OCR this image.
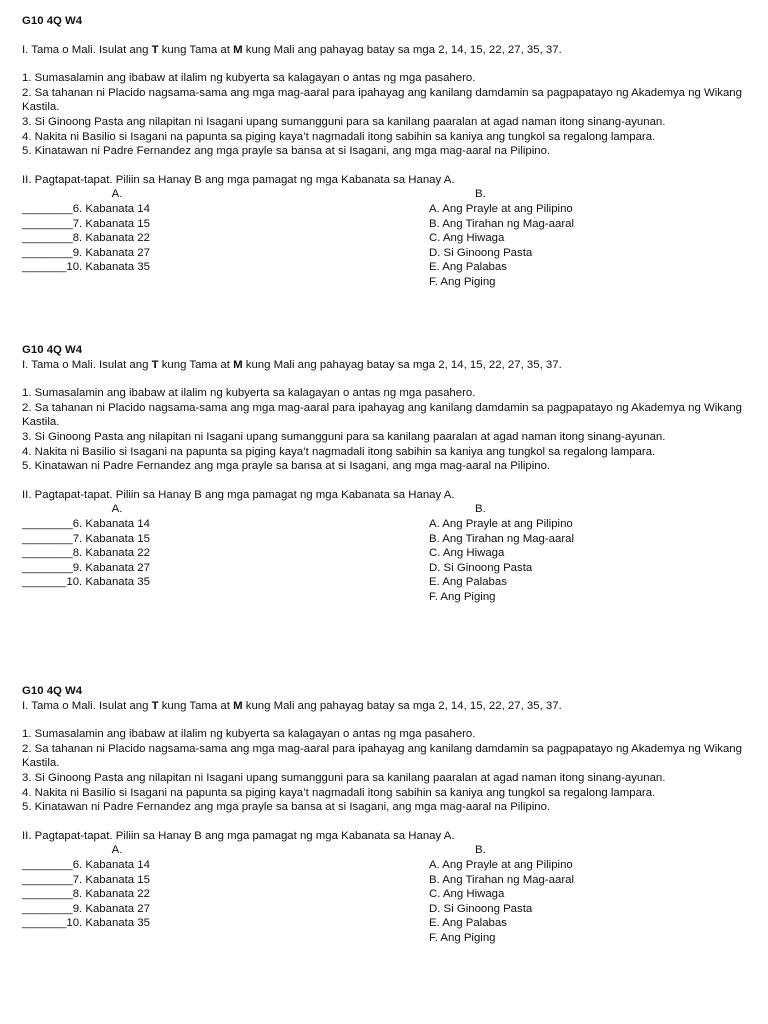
G10 4Q W4
I. Tama o Mali. Isulat ang T kung Tama at M kung Mali ang pahayag batay sa mga 2, 14, 15, 22, 27, 35, 37.
1. Sumasalamin ang ibabaw at ilalim ng kubyerta sa kalagayan o antas ng mga pasahero.
2. Sa tahanan ni Placido nagsama-sama ang mga mag-aaral para ipahayag ang kanilang damdamin sa pagpapatayo ng Akademya ng Wikang Kastila.
3. Si Ginoong Pasta ang nilapitan ni Isagani upang sumangguni para sa kanilang paaralan at agad naman itong sinang-ayunan.
4. Nakita ni Basilio si Isagani na papunta sa piging kaya’t nagmadali itong sabihin sa kaniya ang tungkol sa regalong lampara.
5. Kinatawan ni Padre Fernandez ang mga prayle sa bansa at si Isagani, ang mga mag-aaral na Pilipino.
II. Pagtapat-tapat. Piliin sa Hanay B ang mga pamagat ng mga Kabanata sa Hanay A.
A.
________6. Kabanata 14
________7. Kabanata 15
________8. Kabanata 22
________9. Kabanata 27
_______10. Kabanata 35
B.
A. Ang Prayle at ang Pilipino
B. Ang Tirahan ng Mag-aaral
C. Ang Hiwaga
D. Si Ginoong Pasta
E. Ang Palabas
F. Ang Piging
G10 4Q W4
I. Tama o Mali. Isulat ang T kung Tama at M kung Mali ang pahayag batay sa mga 2, 14, 15, 22, 27, 35, 37.
1. Sumasalamin ang ibabaw at ilalim ng kubyerta sa kalagayan o antas ng mga pasahero.
2. Sa tahanan ni Placido nagsama-sama ang mga mag-aaral para ipahayag ang kanilang damdamin sa pagpapatayo ng Akademya ng Wikang Kastila.
3. Si Ginoong Pasta ang nilapitan ni Isagani upang sumangguni para sa kanilang paaralan at agad naman itong sinang-ayunan.
4. Nakita ni Basilio si Isagani na papunta sa piging kaya’t nagmadali itong sabihin sa kaniya ang tungkol sa regalong lampara.
5. Kinatawan ni Padre Fernandez ang mga prayle sa bansa at si Isagani, ang mga mag-aaral na Pilipino.
II. Pagtapat-tapat. Piliin sa Hanay B ang mga pamagat ng mga Kabanata sa Hanay A.
A.
________6. Kabanata 14
________7. Kabanata 15
________8. Kabanata 22
________9. Kabanata 27
_______10. Kabanata 35
B.
A. Ang Prayle at ang Pilipino
B. Ang Tirahan ng Mag-aaral
C. Ang Hiwaga
D. Si Ginoong Pasta
E. Ang Palabas
F. Ang Piging
G10 4Q W4
I. Tama o Mali. Isulat ang T kung Tama at M kung Mali ang pahayag batay sa mga 2, 14, 15, 22, 27, 35, 37.
1. Sumasalamin ang ibabaw at ilalim ng kubyerta sa kalagayan o antas ng mga pasahero.
2. Sa tahanan ni Placido nagsama-sama ang mga mag-aaral para ipahayag ang kanilang damdamin sa pagpapatayo ng Akademya ng Wikang Kastila.
3. Si Ginoong Pasta ang nilapitan ni Isagani upang sumangguni para sa kanilang paaralan at agad naman itong sinang-ayunan.
4. Nakita ni Basilio si Isagani na papunta sa piging kaya’t nagmadali itong sabihin sa kaniya ang tungkol sa regalong lampara.
5. Kinatawan ni Padre Fernandez ang mga prayle sa bansa at si Isagani, ang mga mag-aaral na Pilipino.
II. Pagtapat-tapat. Piliin sa Hanay B ang mga pamagat ng mga Kabanata sa Hanay A.
A.
________6. Kabanata 14
________7. Kabanata 15
________8. Kabanata 22
________9. Kabanata 27
_______10. Kabanata 35
B.
A. Ang Prayle at ang Pilipino
B. Ang Tirahan ng Mag-aaral
C. Ang Hiwaga
D. Si Ginoong Pasta
E. Ang Palabas
F. Ang Piging
